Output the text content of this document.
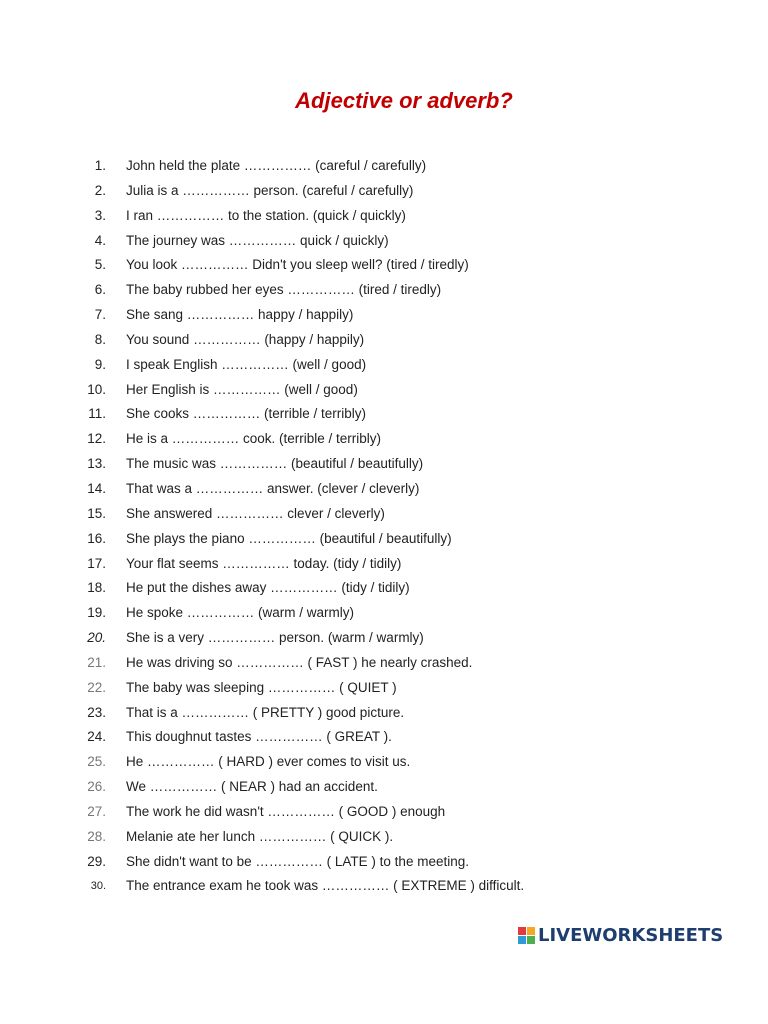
Adjective or adverb?
1. John held the plate …………… (careful / carefully)
2. Julia is a …………… person. (careful / carefully)
3. I ran …………… to the station. (quick / quickly)
4. The journey was …………… quick / quickly)
5. You look …………… Didn't you sleep well? (tired / tiredly)
6. The baby rubbed her eyes …………… (tired / tiredly)
7. She sang …………… happy / happily)
8. You sound …………… (happy / happily)
9. I speak English …………… (well / good)
10. Her English is …………… (well / good)
11. She cooks …………… (terrible / terribly)
12. He is a …………… cook. (terrible / terribly)
13. The music was …………… (beautiful / beautifully)
14. That was a …………… answer. (clever / cleverly)
15. She answered …………… clever / cleverly)
16. She plays the piano …………… (beautiful / beautifully)
17. Your flat seems …………… today. (tidy / tidily)
18. He put the dishes away …………… (tidy / tidily)
19. He spoke …………… (warm / warmly)
20. She is a very …………… person. (warm / warmly)
21. He was driving so …………… ( FAST ) he nearly crashed.
22. The baby was sleeping …………… ( QUIET )
23. That is a …………… ( PRETTY ) good picture.
24. This doughnut tastes …………… ( GREAT ).
25. He …………… ( HARD ) ever comes to visit us.
26. We …………… ( NEAR ) had an accident.
27. The work he did wasn't …………… ( GOOD ) enough
28. Melanie ate her lunch …………… ( QUICK ).
29. She didn't want to be …………… ( LATE ) to the meeting.
30. The entrance exam he took was …………… ( EXTREME ) difficult.
LIVEWORKSHEETS
